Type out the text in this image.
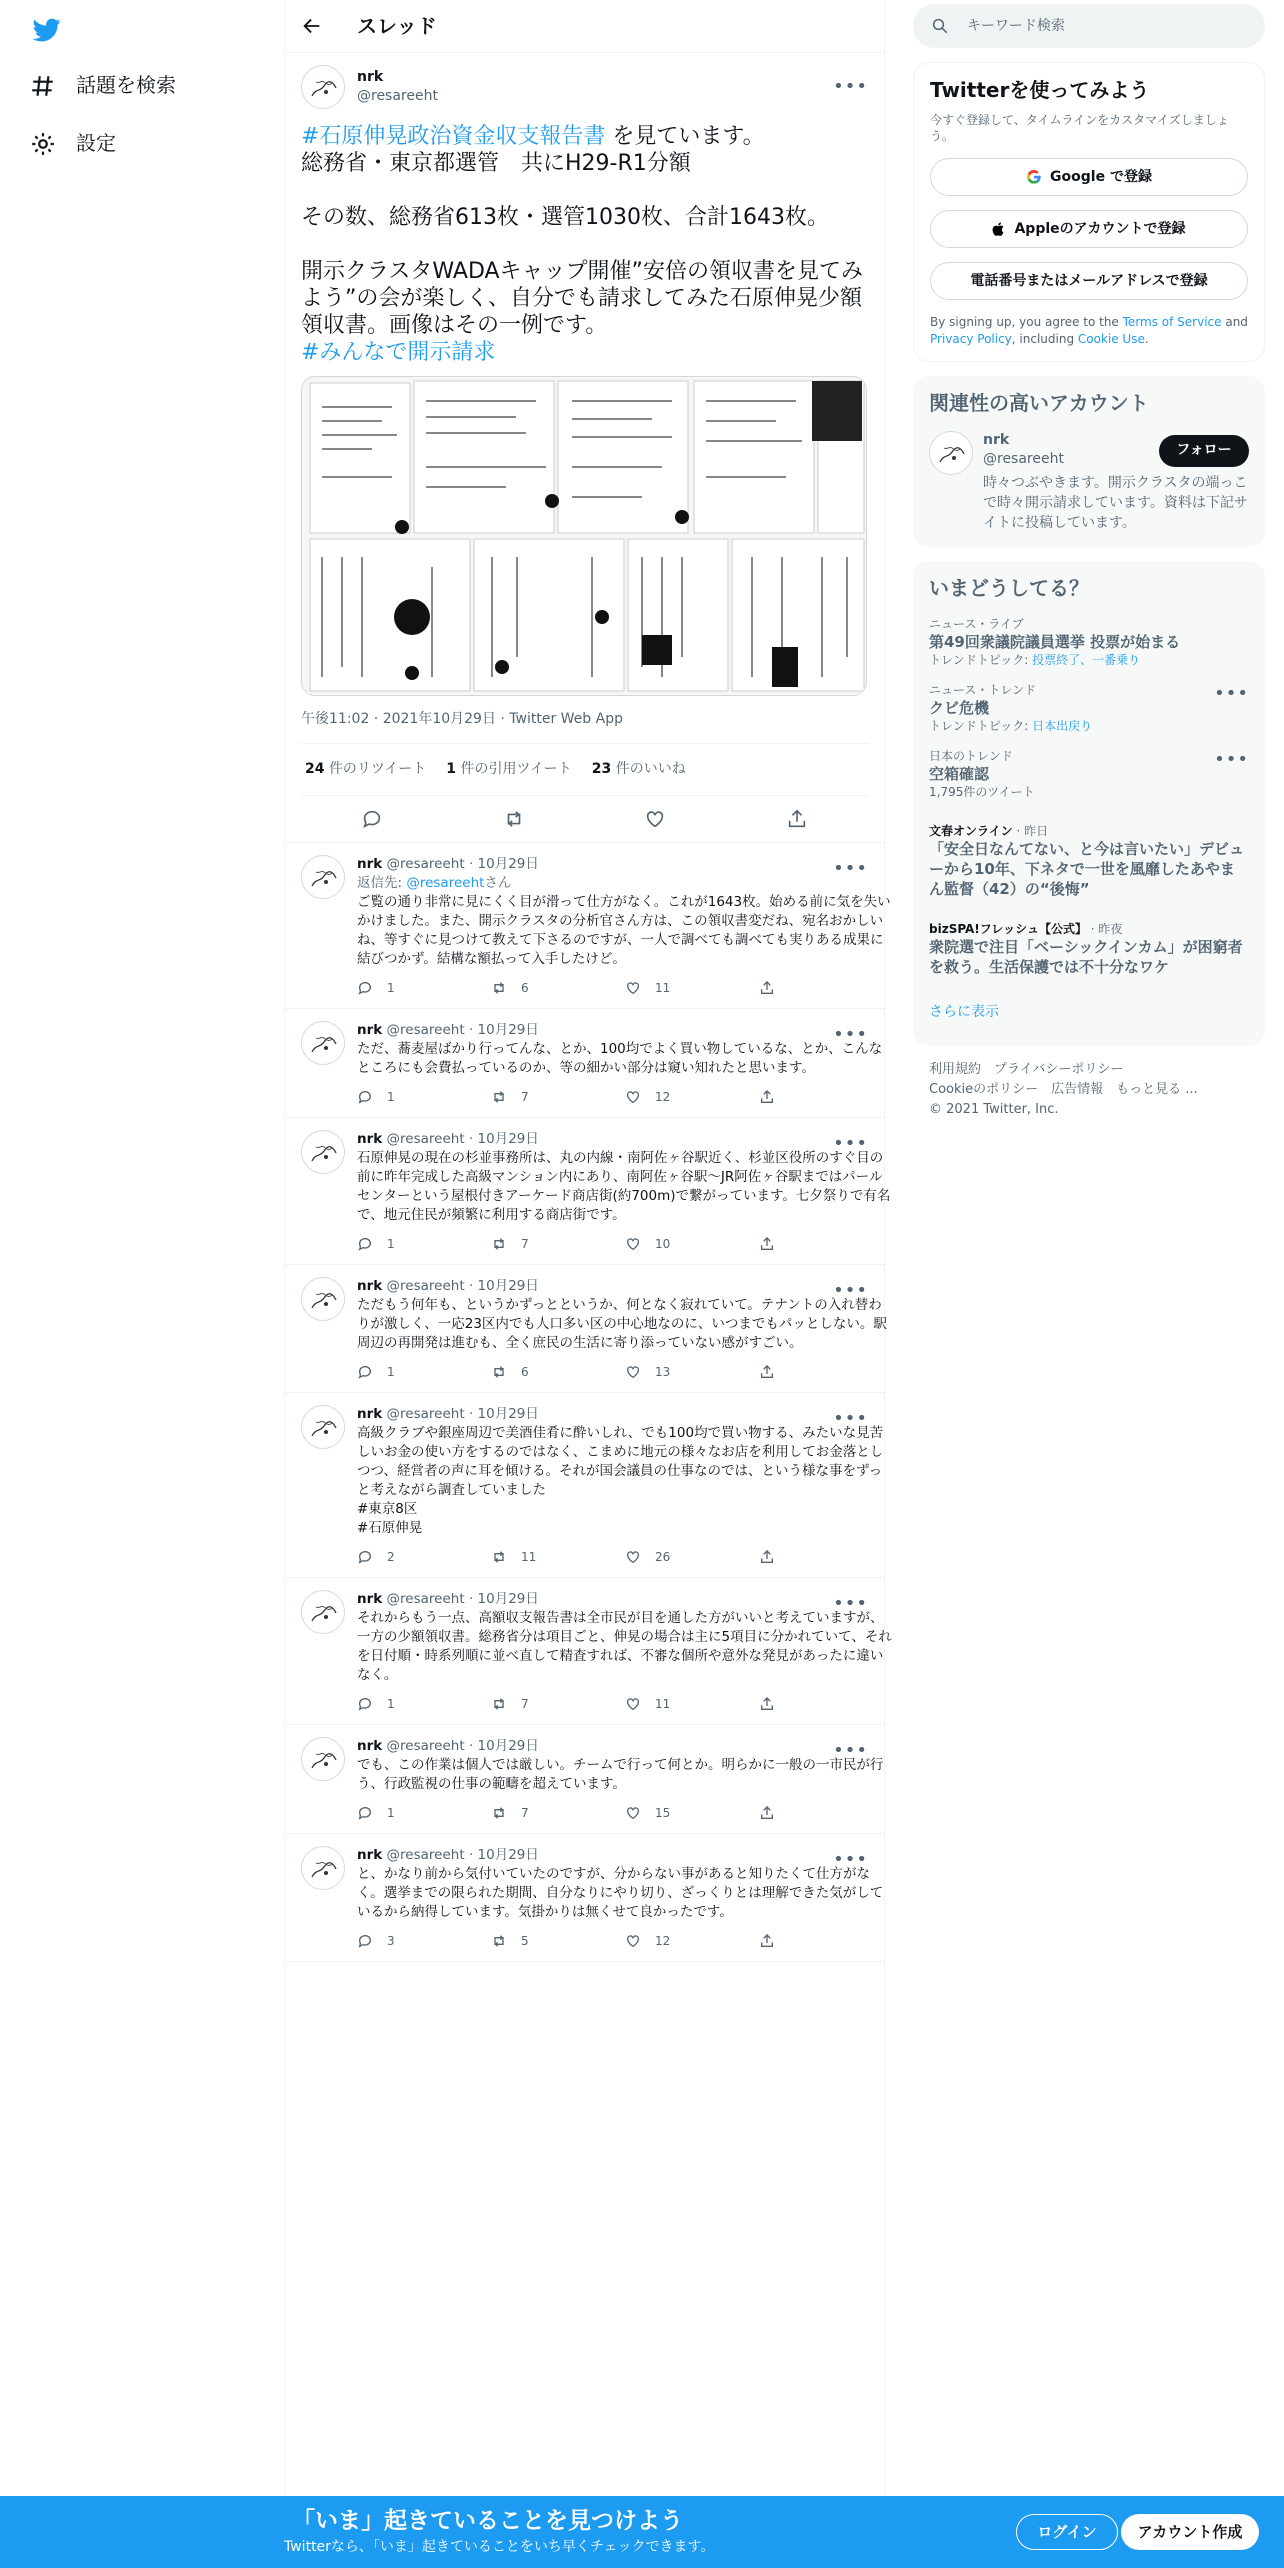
話題を検索
設定
スレッド
nrk
@resareeht	•••
#石原伸晃政治資金収支報告書 を見ています。
総務省・東京都選管　共にH29-R1分額

その数、総務省613枚・選管1030枚、合計1643枚。

開示クラスタWADAキャップ開催”安倍の領収書を見てみよう”の会が楽しく、自分でも請求してみた石原伸晃少額領収書。画像はその一例です。
#みんなで開示請求
午後11:02 · 2021年10月29日 · Twitter Web App
24 件のリツイート 1 件の引用ツイート 23 件のいいね
nrk @resareeht · 10月29日
返信先: @resareehtさん
ご覧の通り非常に見にくく目が滑って仕方がなく。これが1643枚。始める前に気を失いかけました。また、開示クラスタの分析官さん方は、この領収書変だね、宛名おかしいね、等すぐに見つけて教えて下さるのですが、一人で調べても調べても実りある成果に結びつかず。結構な額払って入手したけど。
1	6	11
•••
nrk @resareeht · 10月29日
ただ、蕎麦屋ばかり行ってんな、とか、100均でよく買い物しているな、とか、こんなところにも会費払っているのか、等の細かい部分は窺い知れたと思います。
1	7	12
•••
nrk @resareeht · 10月29日
石原伸晃の現在の杉並事務所は、丸の内線・南阿佐ヶ谷駅近く、杉並区役所のすぐ目の前に昨年完成した高級マンション内にあり、南阿佐ヶ谷駅～JR阿佐ヶ谷駅まではパールセンターという屋根付きアーケード商店街(約700m)で繋がっています。七夕祭りで有名で、地元住民が頻繁に利用する商店街です。
1	7	10
•••
nrk @resareeht · 10月29日
ただもう何年も、というかずっとというか、何となく寂れていて。テナントの入れ替わりが激しく、一応23区内でも人口多い区の中心地なのに、いつまでもパッとしない。駅周辺の再開発は進むも、全く庶民の生活に寄り添っていない感がすごい。
1	6	13
•••
nrk @resareeht · 10月29日
高級クラブや銀座周辺で美酒佳肴に酔いしれ、でも100均で買い物する、みたいな見苦しいお金の使い方をするのではなく、こまめに地元の様々なお店を利用してお金落としつつ、経営者の声に耳を傾ける。それが国会議員の仕事なのでは、という様な事をずっと考えながら調査していました
#東京8区
#石原伸晃
2	11	26
•••
nrk @resareeht · 10月29日
それからもう一点、高額収支報告書は全市民が目を通した方がいいと考えていますが、一方の少額領収書。総務省分は項目ごと、伸晃の場合は主に5項目に分かれていて、それを日付順・時系列順に並べ直して精査すれば、不審な個所や意外な発見があったに違いなく。
1	7	11
•••
nrk @resareeht · 10月29日
でも、この作業は個人では厳しい。チームで行って何とか。明らかに一般の一市民が行う、行政監視の仕事の範疇を超えています。
1	7	15
•••
nrk @resareeht · 10月29日
と、かなり前から気付いていたのですが、分からない事があると知りたくて仕方がなく。選挙までの限られた期間、自分なりにやり切り、ざっくりとは理解できた気がしているから納得しています。気掛かりは無くせて良かったです。
3	5	12
•••
キーワード検索
Twitterを使ってみよう
今すぐ登録して、タイムラインをカスタマイズしましょう。
Google で登録
Appleのアカウントで登録
電話番号またはメールアドレスで登録
By signing up, you agree to the Terms of Service and Privacy Policy, including Cookie Use.
関連性の高いアカウント
nrk
@resareeht
時々つぶやきます。開示クラスタの端っこで時々開示請求しています。資料は下記サイトに投稿しています。
フォロー
いまどうしてる？
ニュース・ライブ
第49回衆議院議員選挙 投票が始まる
トレンドトピック: 投票終了、一番乗り
ニュース・トレンド
クビ危機
トレンドトピック: 日本出戻り
•••
日本のトレンド
空箱確認
1,795件のツイート
•••
文春オンライン · 昨日
「安全日なんてない、と今は言いたい」デビューから10年、下ネタで一世を風靡したあやまん監督（42）の“後悔”
bizSPA!フレッシュ【公式】 · 昨夜
衆院選で注目「ベーシックインカム」が困窮者を救う。生活保護では不十分なワケ
さらに表示
利用規約　プライバシーポリシー
Cookieのポリシー　広告情報　もっと見る ...
© 2021 Twitter, Inc.
「いま」起きていることを見つけよう
Twitterなら、「いま」起きていることをいち早くチェックできます。
ログイン	アカウント作成
